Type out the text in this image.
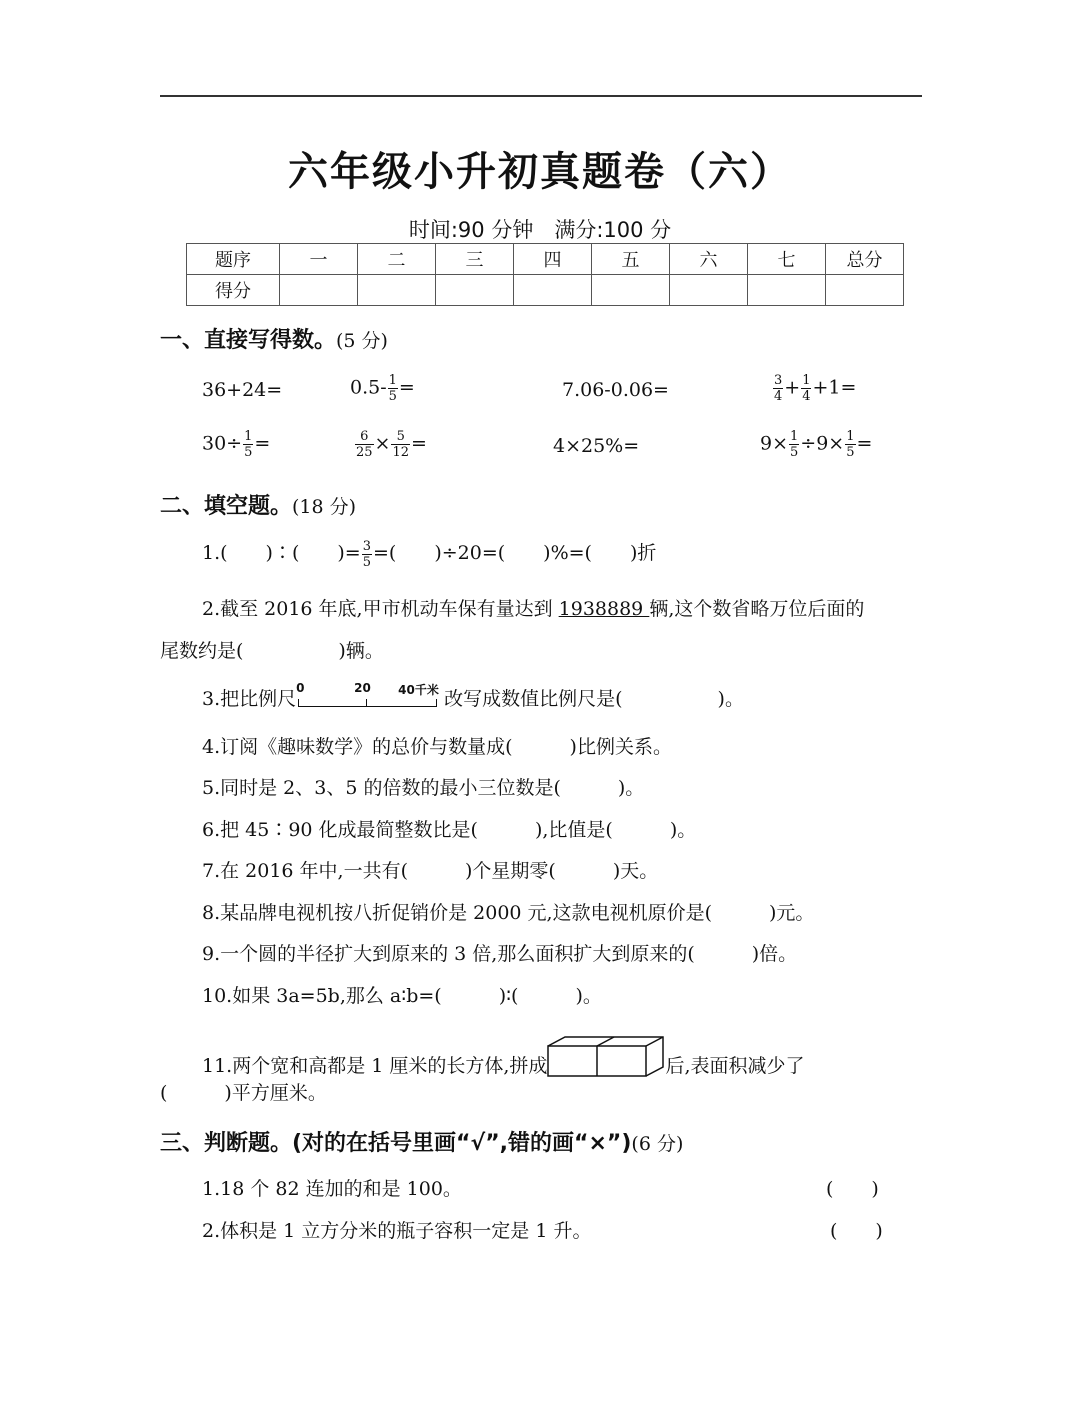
六年级小升初真题卷（六）
时间:90 分钟　满分:100 分
题序	一	二	三	四	五	六	七	总分
得分								
一、直接写得数。(5 分)
36+24=	$0.5- \frac{1}{5}$ =	7.06-0.06=	$\frac{3}{4} + \frac{1}{4} +1=$
$30\div \frac{1}{5}$ =	$\frac{6}{25} \times \frac{5}{12}$ =	4×25%=	$9\times \frac{1}{5} \div 9\times \frac{1}{5}$ =
二、填空题。(18 分)
1.(　　)∶(　　)= $\frac{3}{5}$ =(　　)÷20=(　　)%=(　　)折
2.截至 2016 年底,甲市机动车保有量达到 1938889 辆,这个数省略万位后面的
尾数约是(　　　　　)辆。
3.把比例尺 0	20 40千米 改写成数值比例尺是(　　　　　)。
4.订阅《趣味数学》的总价与数量成(　　　)比例关系。
5.同时是 2、3、5 的倍数的最小三位数是(　　　)。
6.把 45∶90 化成最简整数比是(　　　),比值是(　　　)。
7.在 2016 年中,一共有(　　　)个星期零(　　　)天。
8.某品牌电视机按八折促销价是 2000 元,这款电视机原价是(　　　)元。
9.一个圆的半径扩大到原来的 3 倍,那么面积扩大到原来的(　　　)倍。
10.如果 3a=5b,那么 a∶b=(　　　)∶(　　　)。
11.两个宽和高都是 1 厘米的长方体,拼成	后,表面积减少了
(　　　)平方厘米。
三、判断题。(对的在括号里画“√”,错的画“×”)(6 分)
1.18 个 82 连加的和是 100。	(　　)
2.体积是 1 立方分米的瓶子容积一定是 1 升。	(　　)
